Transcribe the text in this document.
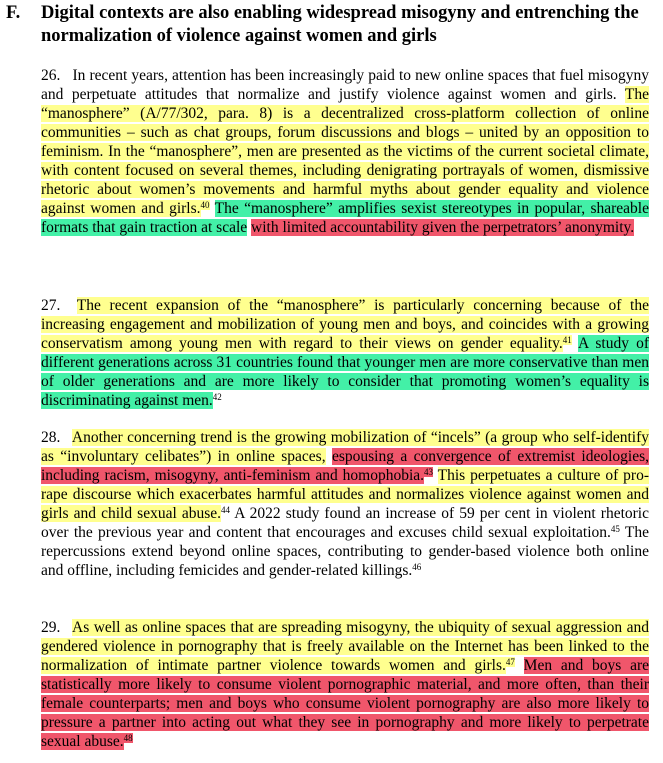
F. Digital contexts are also enabling widespread misogyny and entrenching the normalization of violence against women and girls

26. In recent years, attention has been increasingly paid to new online spaces that fuel misogyny and perpetuate attitudes that normalize and justify violence against women and girls. The “manosphere” (A/77/302, para. 8) is a decentralized cross-platform collection of online communities – such as chat groups, forum discussions and blogs – united by an opposition to feminism. In the “manosphere”, men are presented as the victims of the current societal climate, with content focused on several themes, including denigrating portrayals of women, dismissive rhetoric about women’s movements and harmful myths about gender equality and violence against women and girls.$^{40}$ The “manosphere” amplifies sexist stereotypes in popular, shareable formats that gain traction at scale with limited accountability given the perpetrators’ anonymity.

27. The recent expansion of the “manosphere” is particularly concerning because of the increasing engagement and mobilization of young men and boys, and coincides with a growing conservatism among young men with regard to their views on gender equality.$^{41}$ A study of different generations across 31 countries found that younger men are more conservative than men of older generations and are more likely to consider that promoting women’s equality is discriminating against men.$^{42}$

28. Another concerning trend is the growing mobilization of “incels” (a group who self-identify as “involuntary celibates”) in online spaces, espousing a convergence of extremist ideologies, including racism, misogyny, anti-feminism and homophobia.$^{43}$ This perpetuates a culture of pro-rape discourse which exacerbates harmful attitudes and normalizes violence against women and girls and child sexual abuse.$^{44}$ A 2022 study found an increase of 59 per cent in violent rhetoric over the previous year and content that encourages and excuses child sexual exploitation.$^{45}$ The repercussions extend beyond online spaces, contributing to gender-based violence both online and offline, including femicides and gender-related killings.$^{46}$

29. As well as online spaces that are spreading misogyny, the ubiquity of sexual aggression and gendered violence in pornography that is freely available on the Internet has been linked to the normalization of intimate partner violence towards women and girls.$^{47}$ Men and boys are statistically more likely to consume violent pornographic material, and more often, than their female counterparts; men and boys who consume violent pornography are also more likely to pressure a partner into acting out what they see in pornography and more likely to perpetrate sexual abuse.$^{48}$
